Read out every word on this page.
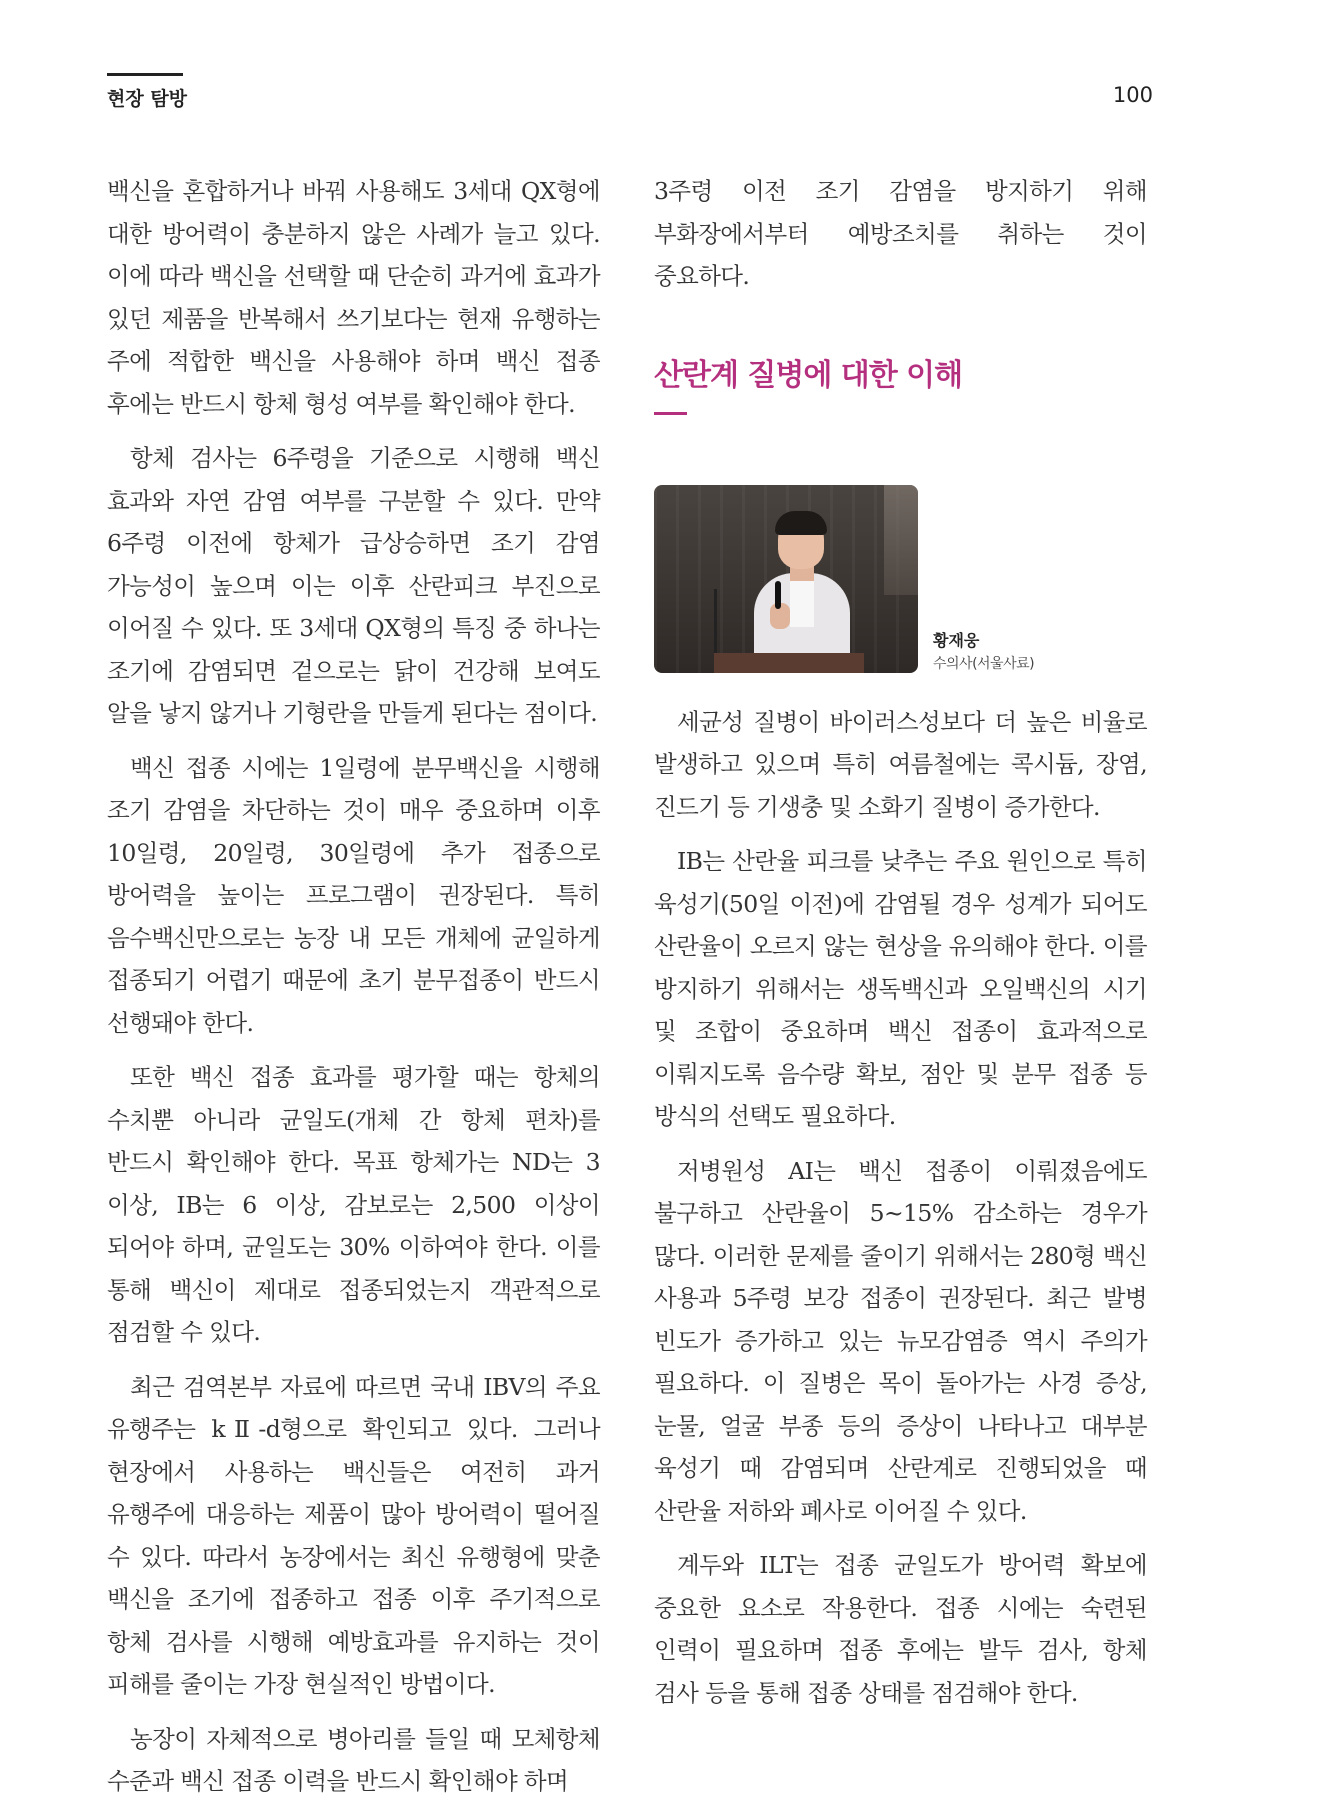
현장 탐방	100

백신을 혼합하거나 바꿔 사용해도 3세대 QX형에 대한 방어력이 충분하지 않은 사례가 늘고 있다. 이에 따라 백신을 선택할 때 단순히 과거에 효과가 있던 제품을 반복해서 쓰기보다는 현재 유행하는 주에 적합한 백신을 사용해야 하며 백신 접종 후에는 반드시 항체 형성 여부를 확인해야 한다.

항체 검사는 6주령을 기준으로 시행해 백신 효과와 자연 감염 여부를 구분할 수 있다. 만약 6주령 이전에 항체가 급상승하면 조기 감염 가능성이 높으며 이는 이후 산란피크 부진으로 이어질 수 있다. 또 3세대 QX형의 특징 중 하나는 조기에 감염되면 겉으로는 닭이 건강해 보여도 알을 낳지 않거나 기형란을 만들게 된다는 점이다.

백신 접종 시에는 1일령에 분무백신을 시행해 조기 감염을 차단하는 것이 매우 중요하며 이후 10일령, 20일령, 30일령에 추가 접종으로 방어력을 높이는 프로그램이 권장된다. 특히 음수백신만으로는 농장 내 모든 개체에 균일하게 접종되기 어렵기 때문에 초기 분무접종이 반드시 선행돼야 한다.

또한 백신 접종 효과를 평가할 때는 항체의 수치뿐 아니라 균일도(개체 간 항체 편차)를 반드시 확인해야 한다. 목표 항체가는 ND는 3 이상, IB는 6 이상, 감보로는 2,500 이상이 되어야 하며, 균일도는 30% 이하여야 한다. 이를 통해 백신이 제대로 접종되었는지 객관적으로 점검할 수 있다.

최근 검역본부 자료에 따르면 국내 IBV의 주요 유행주는 kⅡ-d형으로 확인되고 있다. 그러나 현장에서 사용하는 백신들은 여전히 과거 유행주에 대응하는 제품이 많아 방어력이 떨어질 수 있다. 따라서 농장에서는 최신 유행형에 맞춘 백신을 조기에 접종하고 접종 이후 주기적으로 항체 검사를 시행해 예방효과를 유지하는 것이 피해를 줄이는 가장 현실적인 방법이다.

농장이 자체적으로 병아리를 들일 때 모체항체 수준과 백신 접종 이력을 반드시 확인해야 하며

3주령 이전 조기 감염을 방지하기 위해 부화장에서부터 예방조치를 취하는 것이 중요하다.

산란계 질병에 대한 이해
황재웅
수의사(서울사료)

세균성 질병이 바이러스성보다 더 높은 비율로 발생하고 있으며 특히 여름철에는 콕시듐, 장염, 진드기 등 기생충 및 소화기 질병이 증가한다.

IB는 산란율 피크를 낮추는 주요 원인으로 특히 육성기(50일 이전)에 감염될 경우 성계가 되어도 산란율이 오르지 않는 현상을 유의해야 한다. 이를 방지하기 위해서는 생독백신과 오일백신의 시기 및 조합이 중요하며 백신 접종이 효과적으로 이뤄지도록 음수량 확보, 점안 및 분무 접종 등 방식의 선택도 필요하다.

저병원성 AI는 백신 접종이 이뤄졌음에도 불구하고 산란율이 5~15% 감소하는 경우가 많다. 이러한 문제를 줄이기 위해서는 280형 백신 사용과 5주령 보강 접종이 권장된다. 최근 발병 빈도가 증가하고 있는 뉴모감염증 역시 주의가 필요하다. 이 질병은 목이 돌아가는 사경 증상, 눈물, 얼굴 부종 등의 증상이 나타나고 대부분 육성기 때 감염되며 산란계로 진행되었을 때 산란율 저하와 폐사로 이어질 수 있다.

계두와 ILT는 접종 균일도가 방어력 확보에 중요한 요소로 작용한다. 접종 시에는 숙련된 인력이 필요하며 접종 후에는 발두 검사, 항체 검사 등을 통해 접종 상태를 점검해야 한다.
